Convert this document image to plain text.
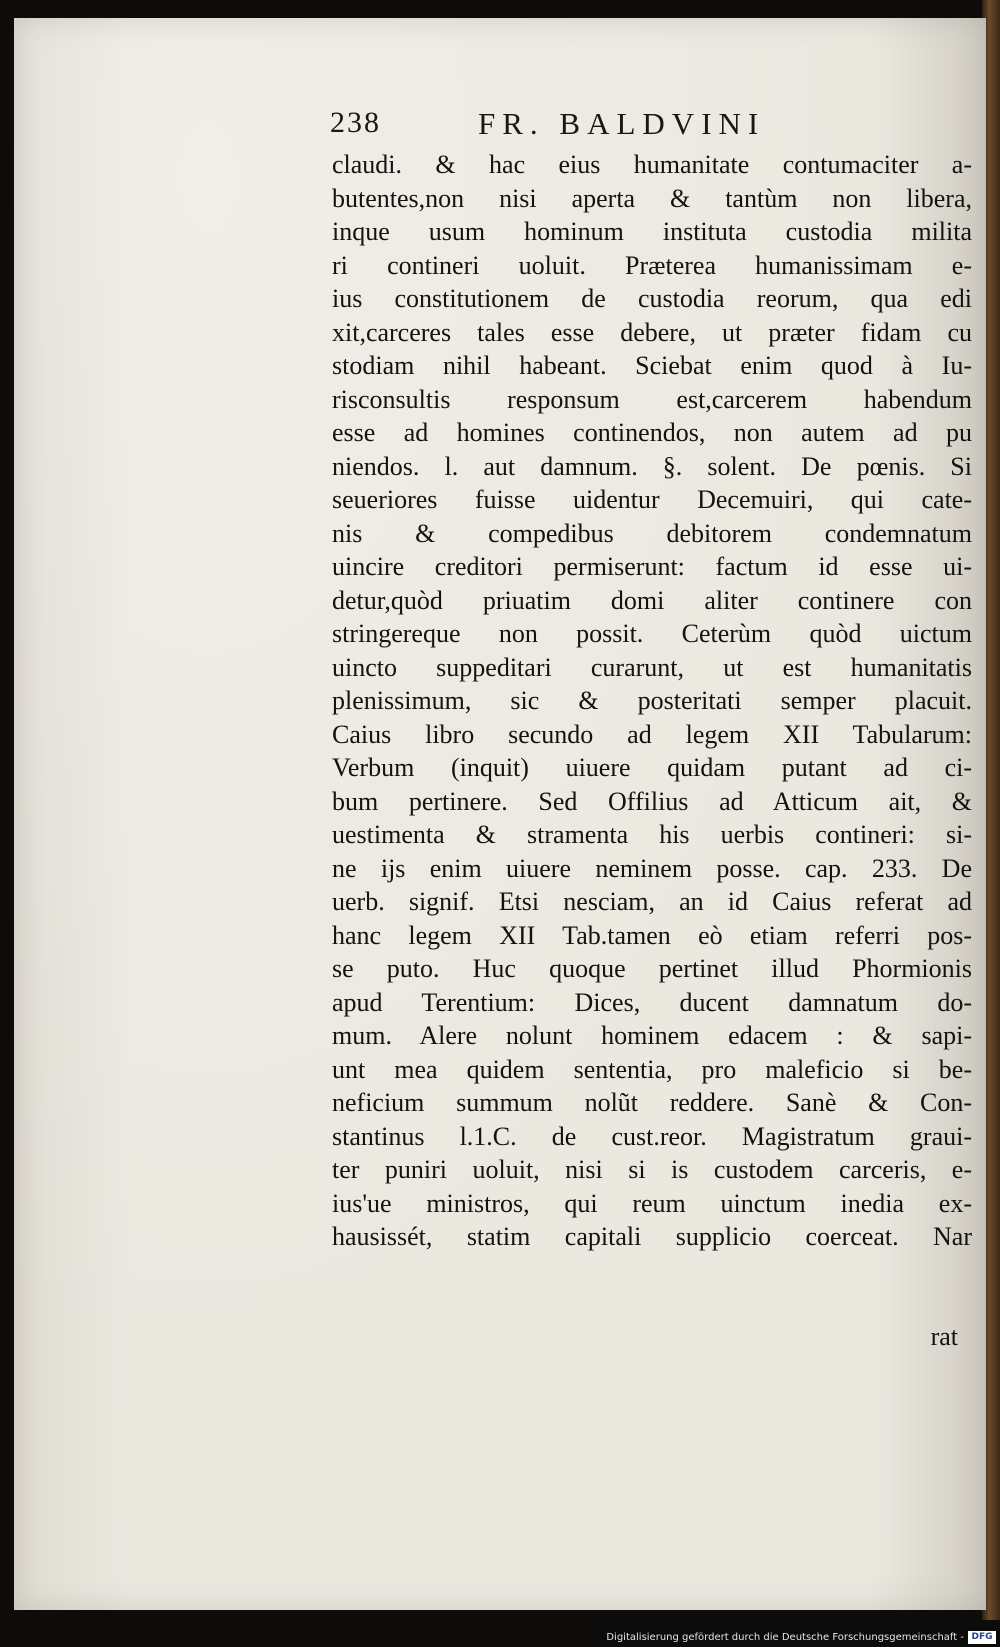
238	FR. BALDVINI
claudi. & hac eius humanitate contumaciter a-
butentes,non nisi aperta & tantùm non libera,
inque usum hominum instituta custodia milita
ri contineri uoluit. Præterea humanissimam e-
ius constitutionem de custodia reorum, qua edi
xit,carceres tales esse debere, ut præter fidam cu
stodiam nihil habeant. Sciebat enim quod à Iu-
risconsultis responsum est,carcerem habendum
esse ad homines continendos, non autem ad pu
niendos. l. aut damnum. §. solent. De pœnis. Si
seueriores fuisse uidentur Decemuiri, qui cate-
nis & compedibus debitorem condemnatum
uincire creditori permiserunt: factum id esse ui-
detur,quòd priuatim domi aliter continere con
stringereque non possit. Ceterùm quòd uictum
uincto suppeditari curarunt, ut est humanitatis
plenissimum, sic & posteritati semper placuit.
Caius libro secundo ad legem XII Tabularum:
Verbum (inquit) uiuere quidam putant ad ci-
bum pertinere. Sed Offilius ad Atticum ait, &
uestimenta & stramenta his uerbis contineri: si-
ne ijs enim uiuere neminem posse. cap. 233. De
uerb. signif. Etsi nesciam, an id Caius referat ad
hanc legem XII Tab.tamen eò etiam referri pos-
se puto. Huc quoque pertinet illud Phormionis
apud Terentium: Dices, ducent damnatum do-
mum. Alere nolunt hominem edacem : & sapi-
unt mea quidem sententia, pro maleficio si be-
neficium summum nolũt reddere. Sanè & Con-
stantinus l.1.C. de cust.reor. Magistratum graui-
ter puniri uoluit, nisi si is custodem carceris, e-
ius'ue ministros, qui reum uinctum inedia ex-
hausissét, statim capitali supplicio coerceat. Nar
rat
Digitalisierung gefördert durch die Deutsche Forschungsgemeinschaft - DFG
